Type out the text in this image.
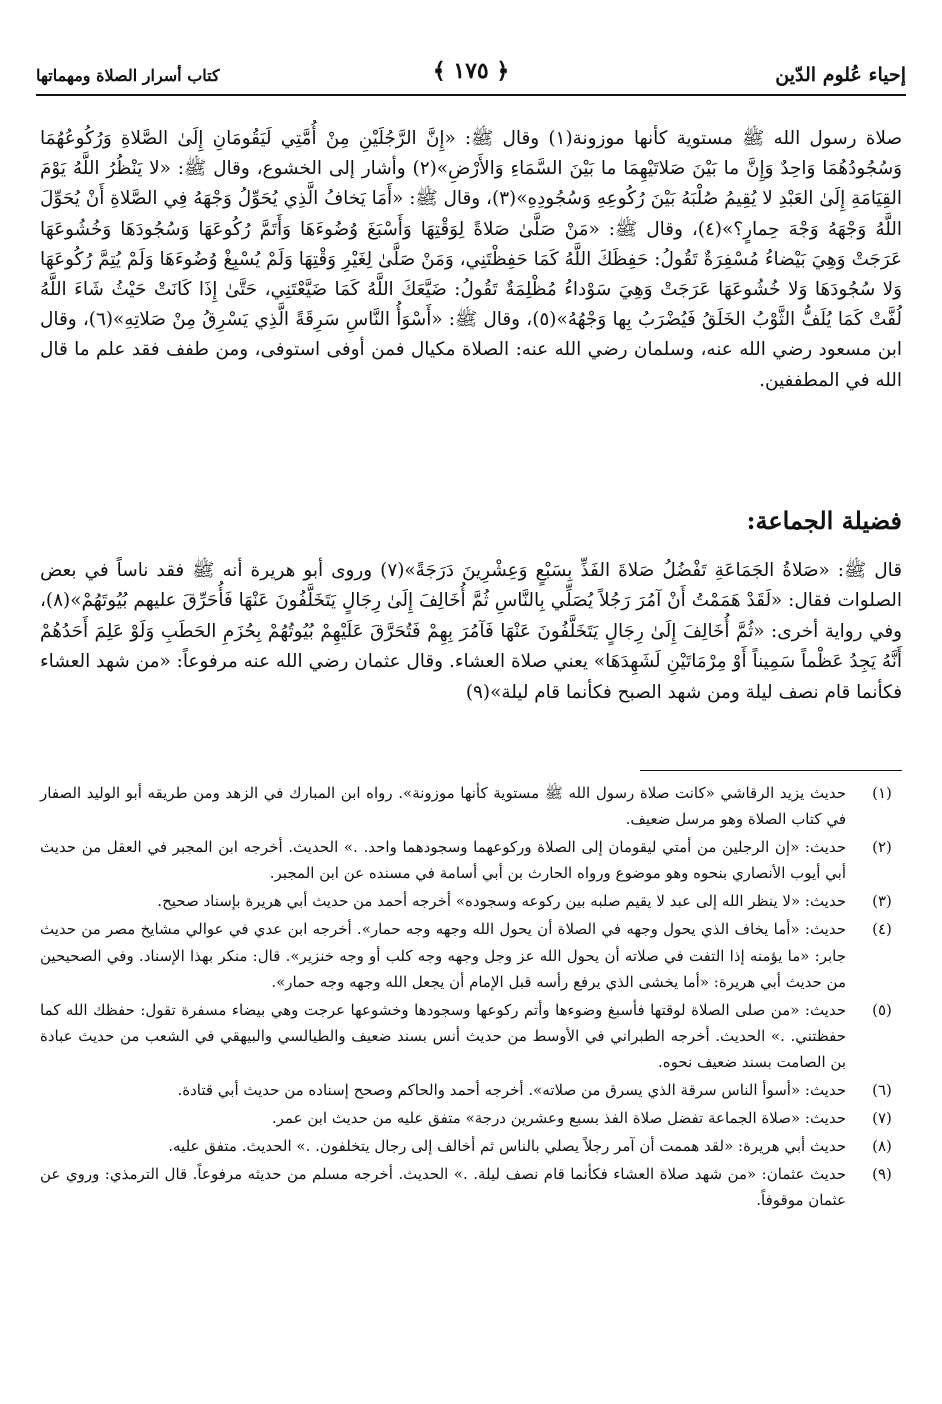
إحياء عُلوم الدّين
﴿ ١٧٥ ﴾
كتاب أسرار الصلاة ومهماتها

صلاة رسول الله ﷺ مستوية كأنها موزونة(١) وقال ﷺ: «إِنَّ الرَّجُلَيْنِ مِنْ أُمَّتِي لَيَقُومَانِ إِلَىٰ الصَّلاةِ وَرُكُوعُهُمَا وَسُجُودُهُمَا وَاحِدٌ وَإِنَّ ما بَيْنَ صَلاتَيْهِمَا ما بَيْنَ السَّمَاءِ وَالأَرْضِ»(٢) وأشار إلى الخشوع، وقال ﷺ: «لا يَنْظُرُ اللَّهُ يَوْمَ القِيَامَةِ إِلَىٰ العَبْدِ لا يُقِيمُ صُلْبَهُ بَيْنَ رُكُوعِهِ وَسُجُودِهِ»(٣)، وقال ﷺ: «أَمَا يَخافُ الَّذِي يُحَوِّلُ وَجْهَهُ فِي الصَّلاةِ أَنْ يُحَوِّلَ اللَّهُ وَجْهَهُ وَجْهَ حِمارٍ؟»(٤)، وقال ﷺ: «مَنْ صَلَّىٰ صَلاةً لِوَقْتِهَا وَأَسْبَغَ وُضُوءَهَا وَأَتَمَّ رُكُوعَهَا وَسُجُودَهَا وَخُشُوعَهَا عَرَجَتْ وَهِيَ بَيْضاءُ مُسْفِرَةٌ تَقُولُ: حَفِظَكَ اللَّهُ كَمَا حَفِظْتَنِي، وَمَنْ صَلَّىٰ لِغَيْرِ وَقْتِهَا وَلَمْ يُسْبِغْ وُضُوءَهَا وَلَمْ يُتِمَّ رُكُوعَهَا وَلا سُجُودَهَا وَلا خُشُوعَهَا عَرَجَتْ وَهِيَ سَوْداءُ مُظْلِمَةٌ تَقُولُ: ضَيَّعَكَ اللَّهُ كَمَا ضَيَّعْتَنِي، حَتَّىٰ إِذَا كَانَتْ حَيْثُ شَاءَ اللَّهُ لُفَّتْ كَمَا يُلَفُّ الثَّوْبُ الخَلَقُ فَيُضْرَبُ بِها وَجْهُهُ»(٥)، وقال ﷺ: «أَسْوَأُ النَّاسِ سَرِقَةً الَّذِي يَسْرِقُ مِنْ صَلاتِهِ»(٦)، وقال ابن مسعود رضي الله عنه، وسلمان رضي الله عنه: الصلاة مكيال فمن أوفى استوفى، ومن طفف فقد علم ما قال الله في المطففين.

فضيلة الجماعة:

قال ﷺ: «صَلاةُ الجَمَاعَةِ تَفْضُلُ صَلاةَ الفَذِّ بِسَبْعٍ وَعِشْرِينَ دَرَجَةً»(٧) وروى أبو هريرة أنه ﷺ فقد ناساً في بعض الصلوات فقال: «لَقَدْ هَمَمْتُ أَنْ آمُرَ رَجُلاً يُصَلِّي بِالنَّاسِ ثُمَّ أُخَالِفَ إِلَىٰ رِجَالٍ يَتَخَلَّفُونَ عَنْهَا فَأُحَرِّقَ عليهم بُيُوتَهُمْ»(٨)، وفي رواية أخرى: «ثُمَّ أُخَالِفَ إِلَىٰ رِجَالٍ يَتَخَلَّفُونَ عَنْهَا فَآمُرَ بِهِمْ فَتُحَرَّقَ عَلَيْهِمْ بُيُوتُهُمْ بِحُزَمِ الحَطَبِ وَلَوْ عَلِمَ أَحَدُهُمْ أَنَّهُ يَجِدُ عَظْماً سَمِيناً أَوْ مِرْمَاتَيْنِ لَشَهِدَهَا» يعني صلاة العشاء. وقال عثمان رضي الله عنه مرفوعاً: «من شهد العشاء فكأنما قام نصف ليلة ومن شهد الصبح فكأنما قام ليلة»(٩)

(١)
حديث يزيد الرقاشي «كانت صلاة رسول الله ﷺ مستوية كأنها موزونة». رواه ابن المبارك في الزهد ومن طريقه أبو الوليد الصفار في كتاب الصلاة وهو مرسل ضعيف.
(٢)
حديث: «إن الرجلين من أمتي ليقومان إلى الصلاة وركوعهما وسجودهما واحد. .» الحديث. أخرجه ابن المجبر في العقل من حديث أبي أيوب الأنصاري بنحوه وهو موضوع ورواه الحارث بن أبي أسامة في مسنده عن ابن المجبر.
(٣)
حديث: «لا ينظر الله إلى عبد لا يقيم صلبه بين ركوعه وسجوده» أخرجه أحمد من حديث أبي هريرة بإسناد صحيح.
(٤)
حديث: «أما يخاف الذي يحول وجهه في الصلاة أن يحول الله وجهه وجه حمار». أخرجه ابن عدي في عوالي مشايخ مصر من حديث جابر: «ما يؤمنه إذا التفت في صلاته أن يحول الله عز وجل وجهه وجه كلب أو وجه خنزير». قال: منكر بهذا الإسناد. وفي الصحيحين من حديث أبي هريرة: «أما يخشى الذي يرفع رأسه قبل الإمام أن يجعل الله وجهه وجه حمار».
(٥)
حديث: «من صلى الصلاة لوقتها فأسبغ وضوءها وأتم ركوعها وسجودها وخشوعها عرجت وهي بيضاء مسفرة تقول: حفظك الله كما حفظتني. .» الحديث. أخرجه الطبراني في الأوسط من حديث أنس بسند ضعيف والطيالسي والبيهقي في الشعب من حديث عبادة بن الصامت بسند ضعيف نحوه.
(٦)
حديث: «أسوأ الناس سرقة الذي يسرق من صلاته». أخرجه أحمد والحاكم وصحح إسناده من حديث أبي قتادة.
(٧)
حديث: «صلاة الجماعة تفضل صلاة الفذ بسبع وعشرين درجة» متفق عليه من حديث ابن عمر.
(٨)
حديث أبي هريرة: «لقد هممت أن آمر رجلاً يصلي بالناس ثم أخالف إلى رجال يتخلفون. .» الحديث. متفق عليه.
(٩)
حديث عثمان: «من شهد صلاة العشاء فكأنما قام نصف ليلة. .» الحديث. أخرجه مسلم من حديثه مرفوعاً. قال الترمذي: وروي عن عثمان موقوفاً.
